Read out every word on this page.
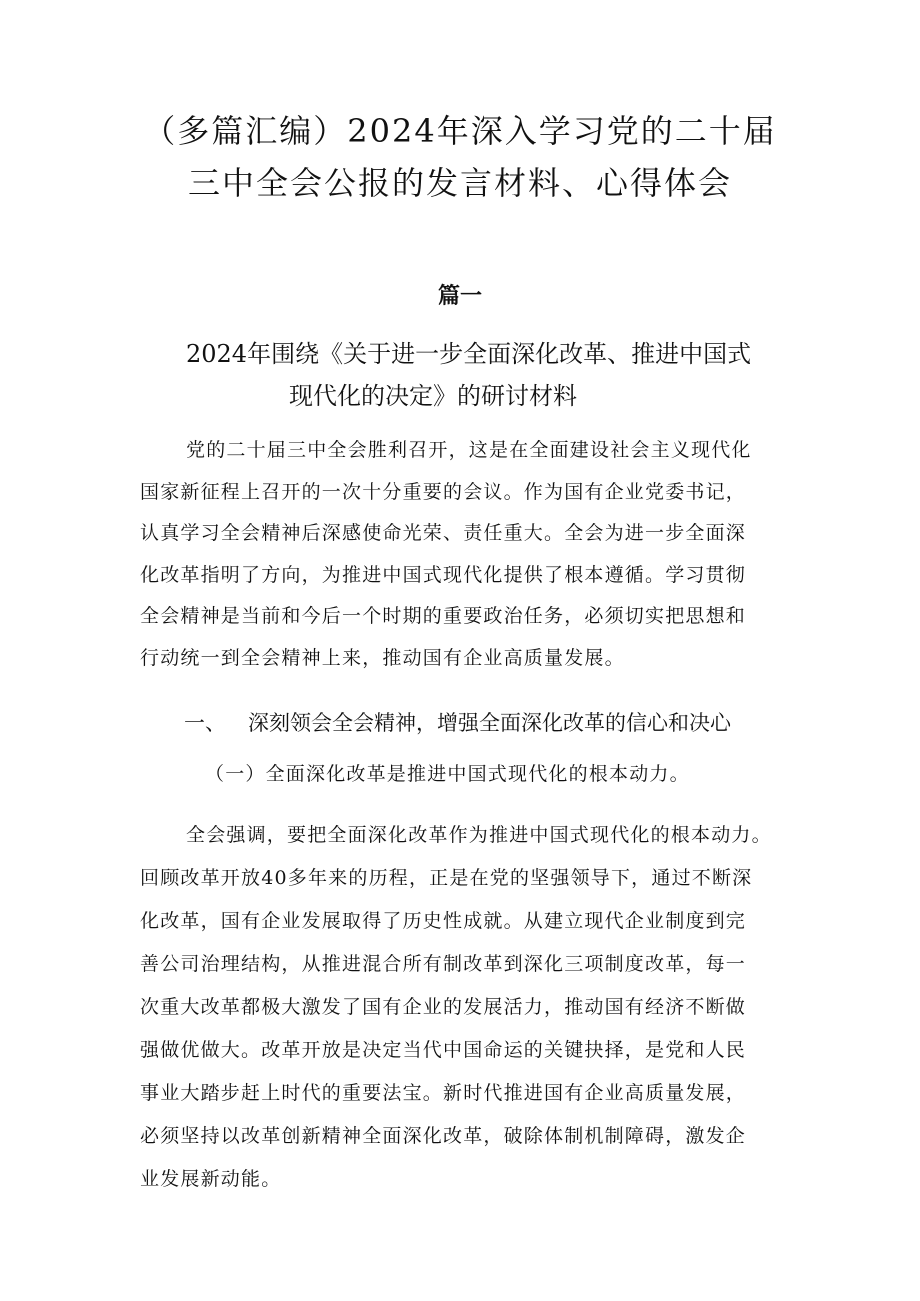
（多篇汇编）2024年深入学习党的二十届
三中全会公报的发言材料、心得体会
篇一
2024年围绕《关于进一步全面深化改革、推进中国式
现代化的决定》的研讨材料

党的二十届三中全会胜利召开，这是在全面建设社会主义现代化
国家新征程上召开的一次十分重要的会议。作为国有企业党委书记，
认真学习全会精神后深感使命光荣、责任重大。全会为进一步全面深
化改革指明了方向，为推进中国式现代化提供了根本遵循。学习贯彻
全会精神是当前和今后一个时期的重要政治任务，必须切实把思想和
行动统一到全会精神上来，推动国有企业高质量发展。

一、 深刻领会全会精神，增强全面深化改革的信心和决心
（一）全面深化改革是推进中国式现代化的根本动力。

全会强调，要把全面深化改革作为推进中国式现代化的根本动力。
回顾改革开放40多年来的历程，正是在党的坚强领导下，通过不断深
化改革，国有企业发展取得了历史性成就。从建立现代企业制度到完
善公司治理结构，从推进混合所有制改革到深化三项制度改革，每一
次重大改革都极大激发了国有企业的发展活力，推动国有经济不断做
强做优做大。改革开放是决定当代中国命运的关键抉择，是党和人民
事业大踏步赶上时代的重要法宝。新时代推进国有企业高质量发展，
必须坚持以改革创新精神全面深化改革，破除体制机制障碍，激发企
业发展新动能。
